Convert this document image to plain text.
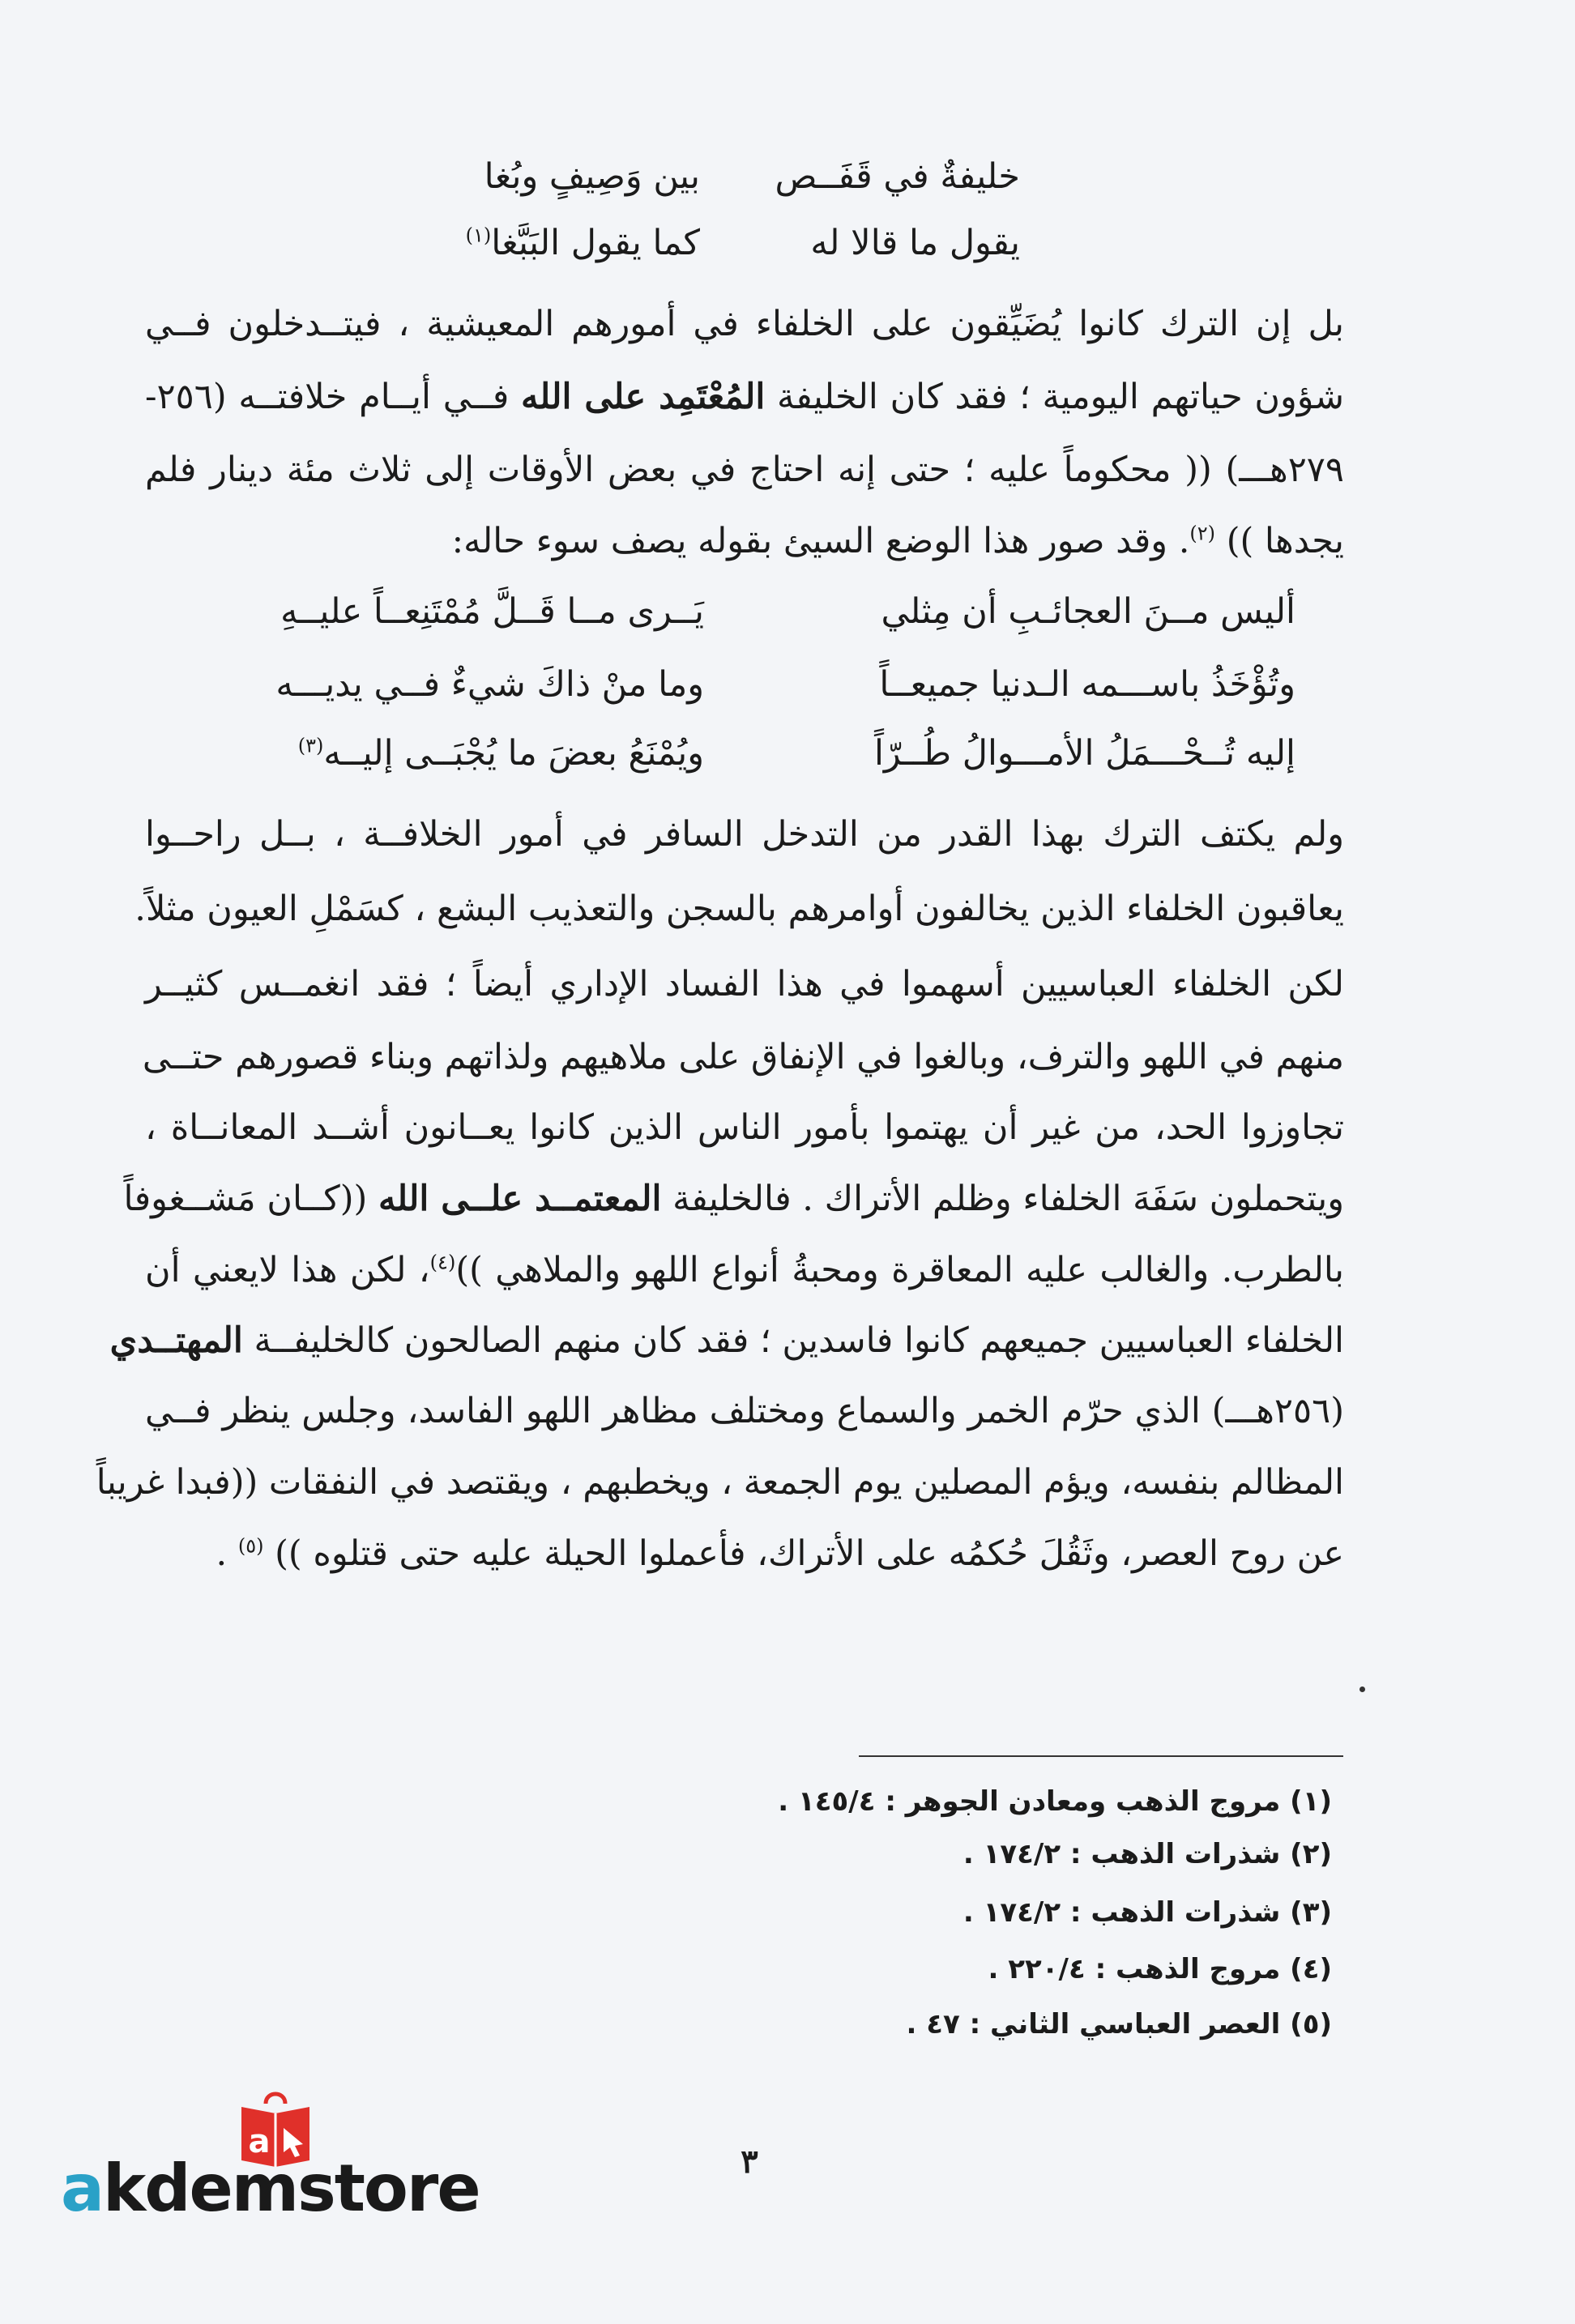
خليفةٌ في قَفَــص
بين وَصِيفٍ وبُغا
يقول ما قالا له
كما يقول البَبَّغا$^{(١)}$
بل إن الترك كانوا يُضَيِّقون على الخلفاء في أمورهم المعيشية ، فيتــدخلون فــي
شؤون حياتهم اليومية ؛ فقد كان الخليفة المُعْتَمِد على الله فــي أيــام خلافتــه (٢٥٦-
٢٧٩هـــ) (( محكوماً عليه ؛ حتى إنه احتاج في بعض الأوقات إلى ثلاث مئة دينار فلم
يجدها )) $^{(٢)}$. وقد صور هذا الوضع السيئ بقوله يصف سوء حاله:
أليس مــنَ العجائـبِ أن مِثلي
يَــرى مــا قَــلَّ مُمْتَنِعــاً عليــهِ
وتُؤْخَذُ باســـمه الـدنيا جميعــاً
وما منْ ذاكَ شيءٌ فــي يديـــه
إليه تُــحْـــمَلُ الأمـــوالُ طُــرّاً
ويُمْنَعُ بعضَ ما يُجْبَــى إليــه$^{(٣)}$
ولم يكتف الترك بهذا القدر من التدخل السافر في أمور الخلافــة ، بــل راحــوا
يعاقبون الخلفاء الذين يخالفون أوامرهم بالسجن والتعذيب البشع ، كسَمْلِ العيون مثلاً.
لكن الخلفاء العباسيين أسهموا في هذا الفساد الإداري أيضاً ؛ فقد انغمــس كثيــر
منهم في اللهو والترف، وبالغوا في الإنفاق على ملاهيهم ولذاتهم وبناء قصورهم حتــى
تجاوزوا الحد، من غير أن يهتموا بأمور الناس الذين كانوا يعــانون أشــد المعانــاة ،
ويتحملون سَفَهَ الخلفاء وظلم الأتراك . فالخليفة المعتمــد علــى الله ((كــان مَشــغوفاً
بالطرب. والغالب عليه المعاقرة ومحبةُ أنواع اللهو والملاهي ))$^{(٤)}$، لكن هذا لايعني أن
الخلفاء العباسيين جميعهم كانوا فاسدين ؛ فقد كان منهم الصالحون كالخليفــة المهتــدي
(٢٥٦هـــ) الذي حرّم الخمر والسماع ومختلف مظاهر اللهو الفاسد، وجلس ينظر فــي
المظالم بنفسه، ويؤم المصلين يوم الجمعة ، ويخطبهم ، ويقتصد في النفقات ((فبدا غريباً
عن روح العصر، وثَقُلَ حُكمُه على الأتراك، فأعملوا الحيلة عليه حتى قتلوه )) $^{(٥)}$ .
(١) مروج الذهب ومعادن الجوهر : ١٤٥/٤ .
(٢) شذرات الذهب : ١٧٤/٢ .
(٣) شذرات الذهب : ١٧٤/٢ .
(٤) مروج الذهب : ٢٢٠/٤ .
(٥) العصر العباسي الثاني : ٤٧ .
٣
a
akdemstore
